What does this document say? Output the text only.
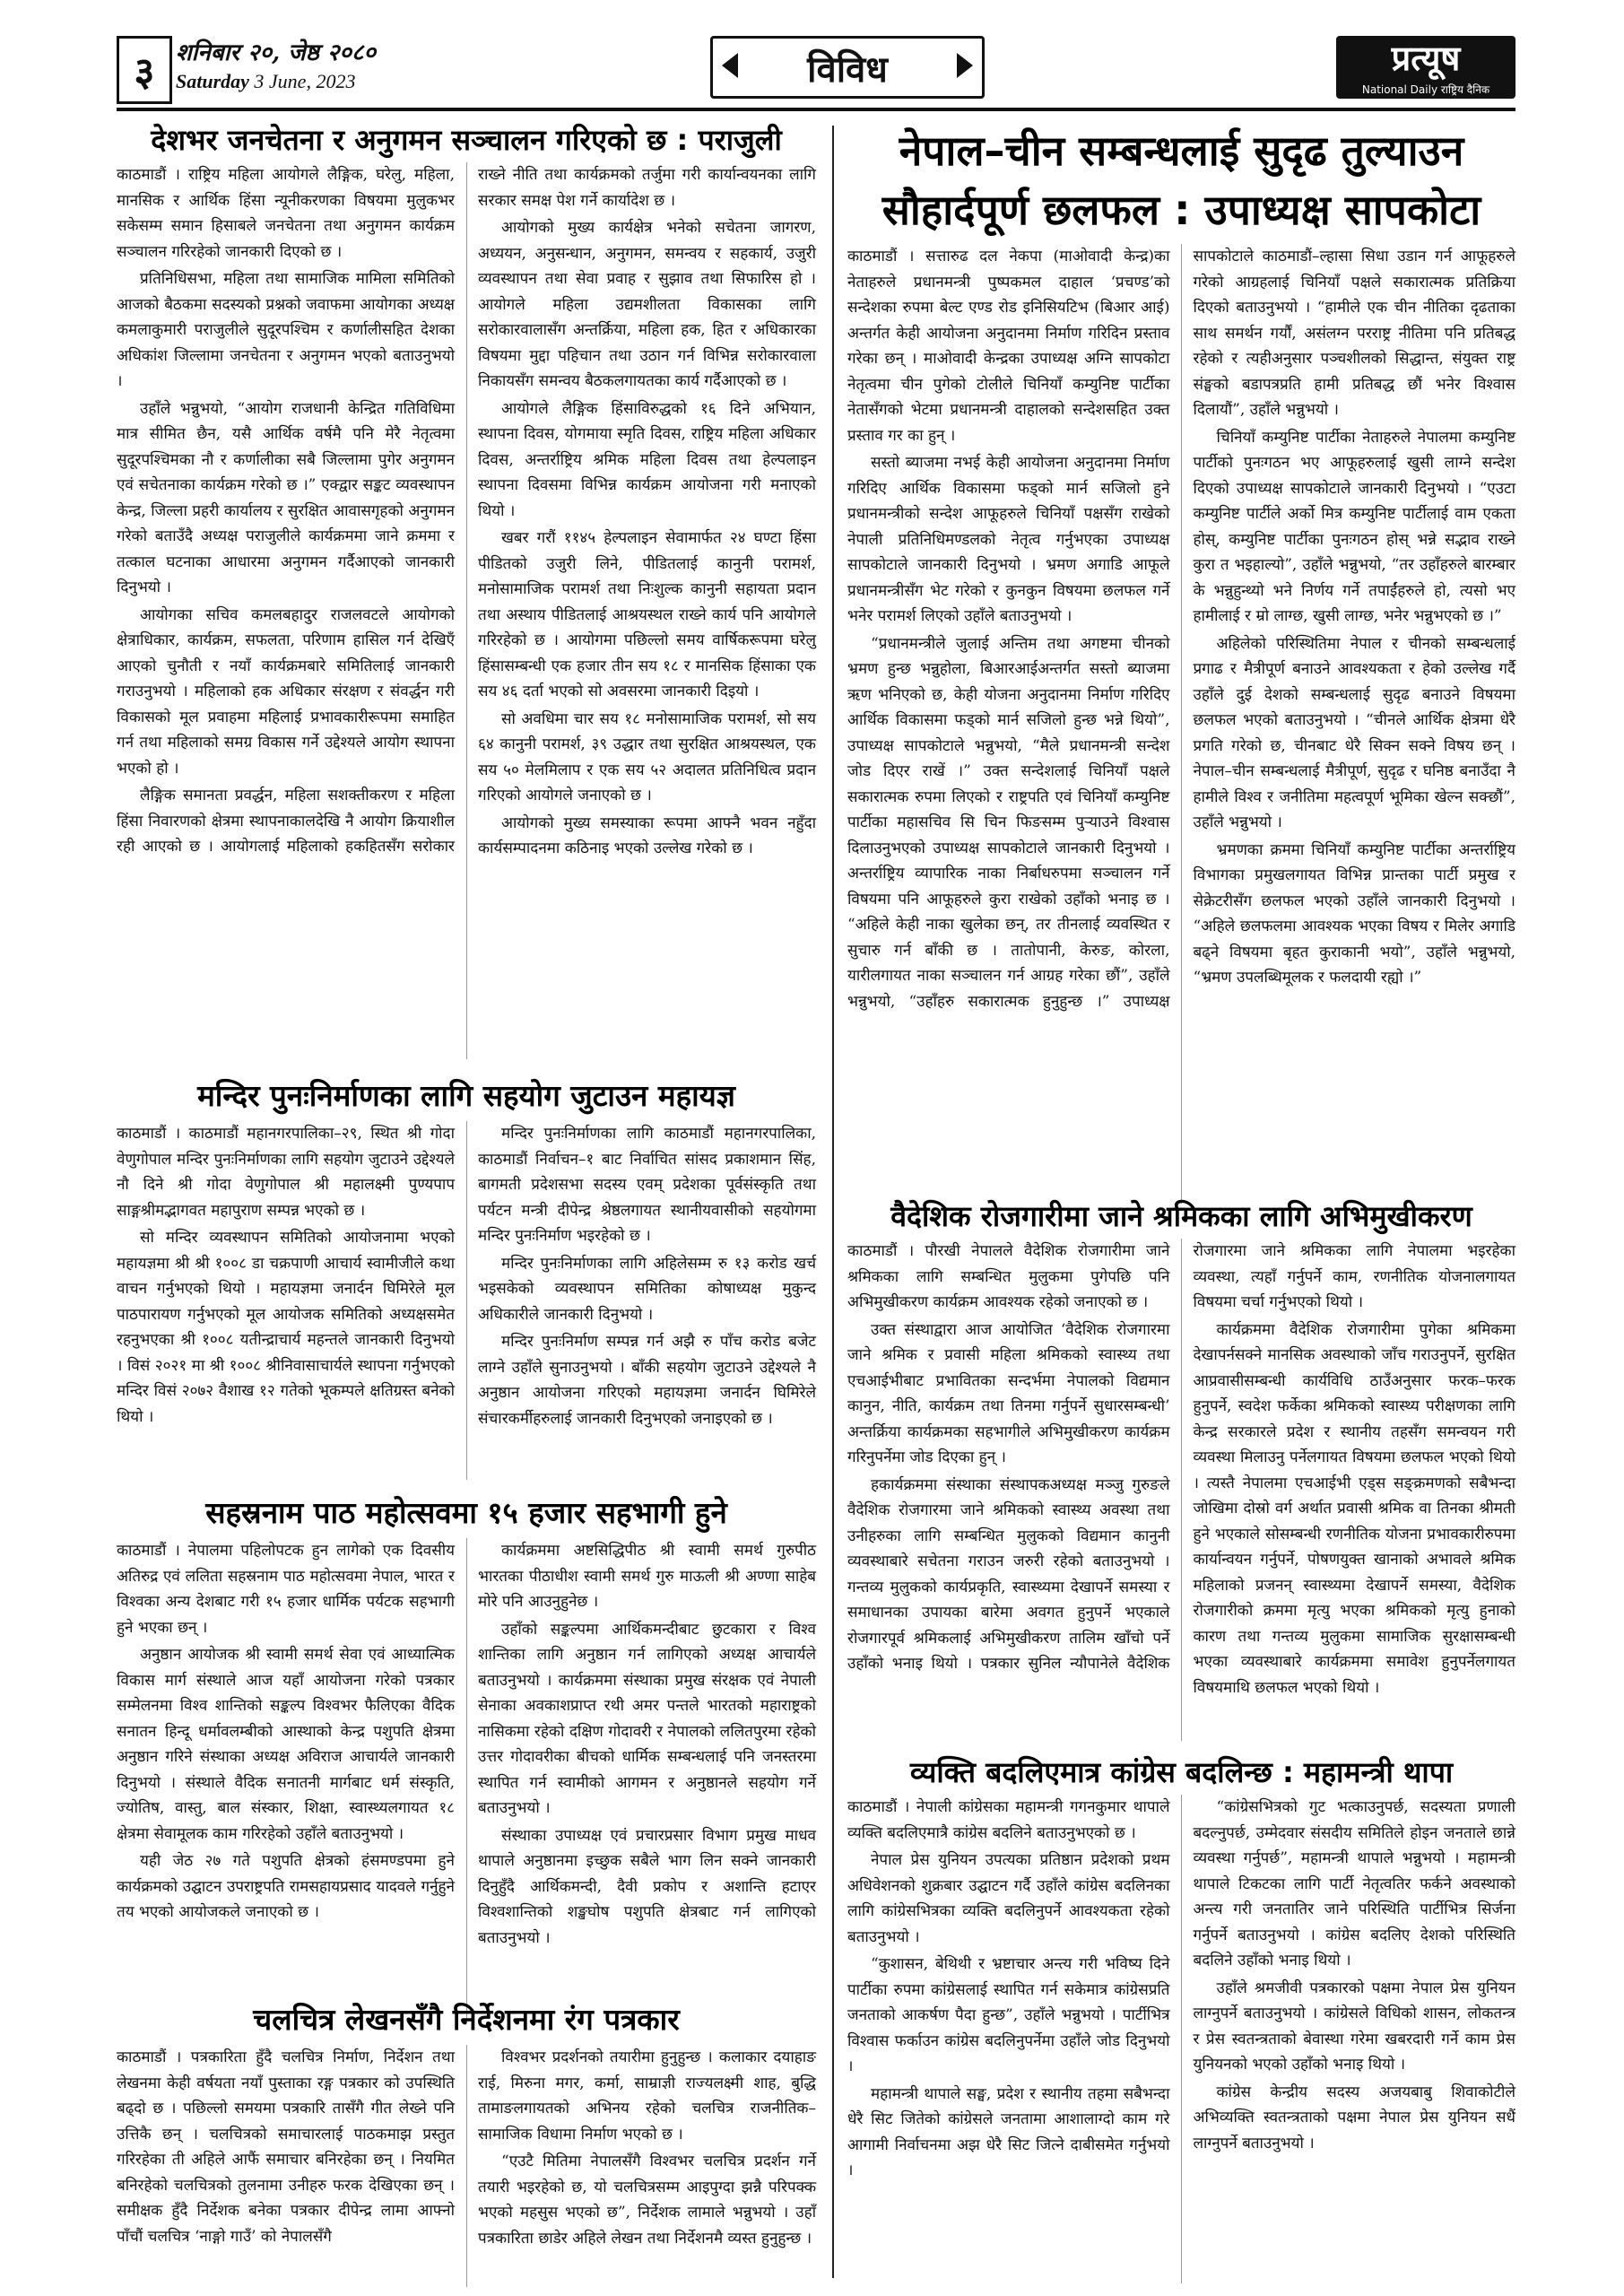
३ शनिबार २०, जेष्ठ २०८०
Saturday 3 June, 2023	विविध	प्रत्यूष
National Daily राष्ट्रिय दैनिक
देशभर जनचेतना र अनुगमन सञ्चालन गरिएको छ : पराजुली

काठमाडौं । राष्ट्रिय महिला आयोगले लैङ्गिक, घरेलु, महिला, मानसिक र आर्थिक हिंसा न्यूनीकरणका विषयमा मुलुकभर सकेसम्म समान हिसाबले जनचेतना तथा अनुगमन कार्यक्रम सञ्चालन गरिरहेको जानकारी दिएको छ ।

प्रतिनिधिसभा, महिला तथा सामाजिक मामिला समितिको आजको बैठकमा सदस्यको प्रश्नको जवाफमा आयोगका अध्यक्ष कमलाकुमारी पराजुलीले सुदूरपश्चिम र कर्णालीसहित देशका अधिकांश जिल्लामा जनचेतना र अनुगमन भएको बताउनुभयो ।

उहाँले भन्नुभयो, “आयोग राजधानी केन्द्रित गतिविधिमा मात्र सीमित छैन, यसै आर्थिक वर्षमै पनि मेरै नेतृत्वमा सुदूरपश्चिमका नौ र कर्णालीका सबै जिल्लामा पुगेर अनुगमन एवं सचेतनाका कार्यक्रम गरेको छ ।” एक्द्वार सङ्कट व्यवस्थापन केन्द्र, जिल्ला प्रहरी कार्यालय र सुरक्षित आवासगृहको अनुगमन गरेको बताउँदै अध्यक्ष पराजुलीले कार्यक्रममा जाने क्रममा र तत्काल घटनाका आधारमा अनुगमन गर्दैआएको जानकारी दिनुभयो ।

आयोगका सचिव कमलबहादुर राजलवटले आयोगको क्षेत्राधिकार, कार्यक्रम, सफलता, परिणाम हासिल गर्न देखिएँ आएको चुनौती र नयाँ कार्यक्रमबारे समितिलाई जानकारी गराउनुभयो । महिलाको हक अधिकार संरक्षण र संवर्द्धन गरी विकासको मूल प्रवाहमा महिलाई प्रभावकारीरूपमा समाहित गर्न तथा महिलाको समग्र विकास गर्ने उद्देश्यले आयोग स्थापना भएको हो ।

लैङ्गिक समानता प्रवर्द्धन, महिला सशक्तीकरण र महिला हिंसा निवारणको क्षेत्रमा स्थापनाकालदेखि नै आयोग क्रियाशील रही आएको छ । आयोगलाई महिलाको हकहितसँग सरोकार राख्ने नीति तथा कार्यक्रमको तर्जुमा गरी कार्यान्वयनका लागि सरकार समक्ष पेश गर्ने कार्यादेश छ ।

आयोगको मुख्य कार्यक्षेत्र भनेको सचेतना जागरण, अध्ययन, अनुसन्धान, अनुगमन, समन्वय र सहकार्य, उजुरी व्यवस्थापन तथा सेवा प्रवाह र सुझाव तथा सिफारिस हो । आयोगले महिला उद्यमशीलता विकासका लागि सरोकारवालासँग अन्तर्क्रिया, महिला हक, हित र अधिकारका विषयमा मुद्दा पहिचान तथा उठान गर्न विभिन्न सरोकारवाला निकायसँग समन्वय बैठकलगायतका कार्य गर्दैआएको छ ।

आयोगले लैङ्गिक हिंसाविरुद्धको १६ दिने अभियान, स्थापना दिवस, योगमाया स्मृति दिवस, राष्ट्रिय महिला अधिकार दिवस, अन्तर्राष्ट्रिय श्रमिक महिला दिवस तथा हेल्पलाइन स्थापना दिवसमा विभिन्न कार्यक्रम आयोजना गरी मनाएको थियो ।

खबर गरौं ११४५ हेल्पलाइन सेवामार्फत २४ घण्टा हिंसा पीडितको उजुरी लिने, पीडितलाई कानुनी परामर्श, मनोसामाजिक परामर्श तथा निःशुल्क कानुनी सहायता प्रदान तथा अस्थाय पीडितलाई आश्रयस्थल राख्ने कार्य पनि आयोगले गरिरहेको छ । आयोगमा पछिल्लो समय वार्षिकरूपमा घरेलु हिंसासम्बन्धी एक हजार तीन सय १८ र मानसिक हिंसाका एक सय ४६ दर्ता भएको सो अवसरमा जानकारी दिइयो ।

सो अवधिमा चार सय १८ मनोसामाजिक परामर्श, सो सय ६४ कानुनी परामर्श, ३९ उद्धार तथा सुरक्षित आश्रयस्थल, एक सय ५० मेलमिलाप र एक सय ५२ अदालत प्रतिनिधित्व प्रदान गरिएको आयोगले जनाएको छ ।

आयोगको मुख्य समस्याका रूपमा आफ्नै भवन नहुँदा कार्यसम्पादनमा कठिनाइ भएको उल्लेख गरेको छ ।

मन्दिर पुनःनिर्माणका लागि सहयोग जुटाउन महायज्ञ

काठमाडौं । काठमाडौं महानगरपालिका–२९, स्थित श्री गोदा वेणुगोपाल मन्दिर पुनःनिर्माणका लागि सहयोग जुटाउने उद्देश्यले नौ दिने श्री गोदा वेणुगोपाल श्री महालक्ष्मी पुण्यपाप साङ्गश्रीमद्भागवत महापुराण सम्पन्न भएको छ ।

सो मन्दिर व्यवस्थापन समितिको आयोजनामा भएको महायज्ञमा श्री श्री १००८ डा चक्रपाणी आचार्य स्वामीजीले कथा वाचन गर्नुभएको थियो । महायज्ञमा जनार्दन घिमिरेले मूल पाठपारायण गर्नुभएको मूल आयोजक समितिको अध्यक्षसमेत रहनुभएका श्री १००८ यतीन्द्राचार्य महन्तले जानकारी दिनुभयो । विसं २०२१ मा श्री १००८ श्रीनिवासाचार्यले स्थापना गर्नुभएको मन्दिर विसं २०७२ वैशाख १२ गतेको भूकम्पले क्षतिग्रस्त बनेको थियो ।

मन्दिर पुनःनिर्माणका लागि काठमाडौं महानगरपालिका, काठमाडौं निर्वाचन–१ बाट निर्वाचित सांसद प्रकाशमान सिंह, बागमती प्रदेशसभा सदस्य एवम् प्रदेशका पूर्वसंस्कृति तथा पर्यटन मन्त्री दीपेन्द्र श्रेष्ठलगायत स्थानीयवासीको सहयोगमा मन्दिर पुनःनिर्माण भइरहेको छ ।

मन्दिर पुनःनिर्माणका लागि अहिलेसम्म रु १३ करोड खर्च भइसकेको व्यवस्थापन समितिका कोषाध्यक्ष मुकुन्द अधिकारीले जानकारी दिनुभयो ।

मन्दिर पुनःनिर्माण सम्पन्न गर्न अझै रु पाँच करोड बजेट लाग्ने उहाँले सुनाउनुभयो । बाँकी सहयोग जुटाउने उद्देश्यले नै अनुष्ठान आयोजना गरिएको महायज्ञमा जनार्दन घिमिरेले संचारकर्मीहरुलाई जानकारी दिनुभएको जनाइएको छ ।

सहस्रनाम पाठ महोत्सवमा १५ हजार सहभागी हुने

काठमाडौं । नेपालमा पहिलोपटक हुन लागेको एक दिवसीय अतिरुद्र एवं ललिता सहस्रनाम पाठ महोत्सवमा नेपाल, भारत र विश्वका अन्य देशबाट गरी १५ हजार धार्मिक पर्यटक सहभागी हुने भएका छन् ।

अनुष्ठान आयोजक श्री स्वामी समर्थ सेवा एवं आध्यात्मिक विकास मार्ग संस्थाले आज यहाँ आयोजना गरेको पत्रकार सम्मेलनमा विश्व शान्तिको सङ्कल्प विश्वभर फैलिएका वैदिक सनातन हिन्दू धर्मावलम्बीको आस्थाको केन्द्र पशुपति क्षेत्रमा अनुष्ठान गरिने संस्थाका अध्यक्ष अविराज आचार्यले जानकारी दिनुभयो । संस्थाले वैदिक सनातनी मार्गबाट धर्म संस्कृति, ज्योतिष, वास्तु, बाल संस्कार, शिक्षा, स्वास्थ्यलगायत १८ क्षेत्रमा सेवामूलक काम गरिरहेको उहाँले बताउनुभयो ।

यही जेठ २७ गते पशुपति क्षेत्रको हंसमण्डपमा हुने कार्यक्रमको उद्घाटन उपराष्ट्रपति रामसहायप्रसाद यादवले गर्नुहुने तय भएको आयोजकले जनाएको छ ।

कार्यक्रममा अष्टसिद्धिपीठ श्री स्वामी समर्थ गुरुपीठ भारतका पीठाधीश स्वामी समर्थ गुरु माऊली श्री अण्णा साहेब मोरे पनि आउनुहुनेछ ।

उहाँको सङ्कल्पमा आर्थिकमन्दीबाट छुटकारा र विश्व शान्तिका लागि अनुष्ठान गर्न लागिएको अध्यक्ष आचार्यले बताउनुभयो । कार्यक्रममा संस्थाका प्रमुख संरक्षक एवं नेपाली सेनाका अवकाशप्राप्त रथी अमर पन्तले भारतको महाराष्ट्रको नासिकमा रहेको दक्षिण गोदावरी र नेपालको ललितपुरमा रहेको उत्तर गोदावरीका बीचको धार्मिक सम्बन्धलाई पनि जनस्तरमा स्थापित गर्न स्वामीको आगमन र अनुष्ठानले सहयोग गर्ने बताउनुभयो ।

संस्थाका उपाध्यक्ष एवं प्रचारप्रसार विभाग प्रमुख माधव थापाले अनुष्ठानमा इच्छुक सबैले भाग लिन सक्ने जानकारी दिनुहुँदै आर्थिकमन्दी, दैवी प्रकोप र अशान्ति हटाएर विश्वशान्तिको शङ्खघोष पशुपति क्षेत्रबाट गर्न लागिएको बताउनुभयो ।

चलचित्र लेखनसँगै निर्देशनमा रंग पत्रकार

काठमाडौं । पत्रकारिता हुँदै चलचित्र निर्माण, निर्देशन तथा लेखनमा केही वर्षयता नयाँ पुस्ताका रङ्ग पत्रकार को उपस्थिति बढ्दो छ । पछिल्लो समयमा पत्रकारि तासँगै गीत लेख्ने पनि उत्तिकै छन् । चलचित्रको समाचारलाई पाठकमाझ प्रस्तुत गरिरहेका ती अहिले आफैं समाचार बनिरहेका छन् । नियमित बनिरहेको चलचित्रको तुलनामा उनीहरु फरक देखिएका छन् । समीक्षक हुँदै निर्देशक बनेका पत्रकार दीपेन्द्र लामा आफ्नो पाँचौं चलचित्र ‘नाङ्गो गाउँ’ को नेपालसँगै

विश्वभर प्रदर्शनको तयारीमा हुनुहुन्छ । कलाकार दयाहाङ राई, मिरुना मगर, कर्मा, साम्राज्ञी राज्यलक्ष्मी शाह, बुद्धि तामाङलगायतको अभिनय रहेको चलचित्र राजनीतिक–सामाजिक विधामा निर्माण भएको छ ।

“एउटै मितिमा नेपालसँगै विश्वभर चलचित्र प्रदर्शन गर्ने तयारी भइरहेको छ, यो चलचित्रसम्म आइपुग्दा झन्नै परिपक्क भएको महसुस भएको छ”, निर्देशक लामाले भन्नुभयो । उहाँ पत्रकारिता छाडेर अहिले लेखन तथा निर्देशनमै व्यस्त हुनुहुन्छ ।

नेपाल–चीन सम्बन्धलाई सुदृढ तुल्याउन
सौहार्दपूर्ण छलफल : उपाध्यक्ष सापकोटा

काठमाडौं । सत्तारुढ दल नेकपा (माओवादी केन्द्र)का नेताहरुले प्रधानमन्त्री पुष्पकमल दाहाल ‘प्रचण्ड’को सन्देशका रुपमा बेल्ट एण्ड रोड इनिसियटिभ (बिआर आई) अन्तर्गत केही आयोजना अनुदानमा निर्माण गरिदिन प्रस्ताव गरेका छन् । माओवादी केन्द्रका उपाध्यक्ष अग्नि सापकोटा नेतृत्वमा चीन पुगेको टोलीले चिनियाँ कम्युनिष्ट पार्टीका नेतासँगको भेटमा प्रधानमन्त्री दाहालको सन्देशसहित उक्त प्रस्ताव गर का हुन् ।

सस्तो ब्याजमा नभई केही आयोजना अनुदानमा निर्माण गरिदिए आर्थिक विकासमा फड्को मार्न सजिलो हुने प्रधानमन्त्रीको सन्देश आफूहरुले चिनियाँ पक्षसँग राखेको नेपाली प्रतिनिधिमण्डलको नेतृत्व गर्नुभएका उपाध्यक्ष सापकोटाले जानकारी दिनुभयो । भ्रमण अगाडि आफूले प्रधानमन्त्रीसँग भेट गरेको र कुनकुन विषयमा छलफल गर्ने भनेर परामर्श लिएको उहाँले बताउनुभयो ।

“प्रधानमन्त्रीले जुलाई अन्तिम तथा अगष्टमा चीनको भ्रमण हुन्छ भन्नुहोला, बिआरआईअन्तर्गत सस्तो ब्याजमा ऋण भनिएको छ, केही योजना अनुदानमा निर्माण गरिदिए आर्थिक विकासमा फड्को मार्न सजिलो हुन्छ भन्ने थियो”, उपाध्यक्ष सापकोटाले भन्नुभयो, “मैले प्रधानमन्त्री सन्देश जोड दिएर राखें ।” उक्त सन्देशलाई चिनियाँ पक्षले सकारात्मक रुपमा लिएको र राष्ट्रपति एवं चिनियाँ कम्युनिष्ट पार्टीका महासचिव सि चिन फिङसम्म पुर्‍याउने विश्वास दिलाउनुभएको उपाध्यक्ष सापकोटाले जानकारी दिनुभयो । अन्तर्राष्ट्रिय व्यापारिक नाका निर्बाधरुपमा सञ्चालन गर्ने विषयमा पनि आफूहरुले कुरा राखेको उहाँको भनाइ छ । “अहिले केही नाका खुलेका छन्, तर तीनलाई व्यवस्थित र सुचारु गर्न बाँकी छ । तातोपानी, केरुङ, कोरला, यारीलगायत नाका सञ्चालन गर्न आग्रह गरेका छौं”, उहाँले भन्नुभयो, “उहाँहरु सकारात्मक हुनुहुन्छ ।” उपाध्यक्ष सापकोटाले काठमाडौं–ल्हासा सिधा उडान गर्न आफूहरुले गरेको आग्रहलाई चिनियाँ पक्षले सकारात्मक प्रतिक्रिया दिएको बताउनुभयो । “हामीले एक चीन नीतिका दृढताका साथ समर्थन गर्यौं, असंलग्न परराष्ट्र नीतिमा पनि प्रतिबद्ध रहेको र त्यहीअनुसार पञ्चशीलको सिद्धान्त, संयुक्त राष्ट्र संङ्घको बडापत्रप्रति हामी प्रतिबद्ध छौं भनेर विश्वास दिलायौं”, उहाँले भन्नुभयो ।

चिनियाँ कम्युनिष्ट पार्टीका नेताहरुले नेपालमा कम्युनिष्ट पार्टीको पुनःगठन भए आफूहरुलाई खुसी लाग्ने सन्देश दिएको उपाध्यक्ष सापकोटाले जानकारी दिनुभयो । “एउटा कम्युनिष्ट पार्टीले अर्को मित्र कम्युनिष्ट पार्टीलाई वाम एकता होस्, कम्युनिष्ट पार्टीका पुनःगठन होस् भन्ने सद्भाव राख्ने कुरा त भइहाल्यो”, उहाँले भन्नुभयो, “तर उहाँहरुले बारम्बार के भन्नुहुन्थ्यो भने निर्णय गर्ने तपाईंहरुले हो, त्यसो भए हामीलाई र म्रो लाग्छ, खुसी लाग्छ, भनेर भन्नुभएको छ ।”

अहिलेको परिस्थितिमा नेपाल र चीनको सम्बन्धलाई प्रगाढ र मैत्रीपूर्ण बनाउने आवश्यकता र हेको उल्लेख गर्दै उहाँले दुई देशको सम्बन्धलाई सुदृढ बनाउने विषयमा छलफल भएको बताउनुभयो । “चीनले आर्थिक क्षेत्रमा धेरै प्रगति गरेको छ, चीनबाट धेरै सिक्न सक्ने विषय छन् । नेपाल–चीन सम्बन्धलाई मैत्रीपूर्ण, सुदृढ र घनिष्ठ बनाउँदा नै हामीले विश्व र जनीतिमा महत्वपूर्ण भूमिका खेल्न सक्छौं”, उहाँले भन्नुभयो ।

भ्रमणका क्रममा चिनियाँ कम्युनिष्ट पार्टीका अन्तर्राष्ट्रिय विभागका प्रमुखलगायत विभिन्न प्रान्तका पार्टी प्रमुख र सेक्रेटरीसँग छलफल भएको उहाँले जानकारी दिनुभयो । “अहिले छलफलमा आवश्यक भएका विषय र मिलेर अगाडि बढ्ने विषयमा बृहत कुराकानी भयो”, उहाँले भन्नुभयो, “भ्रमण उपलब्धिमूलक र फलदायी रह्यो ।”

वैदेशिक रोजगारीमा जाने श्रमिकका लागि अभिमुखीकरण

काठमाडौं । पौरखी नेपालले वैदेशिक रोजगारीमा जाने श्रमिकका लागि सम्बन्धित मुलुकमा पुगेपछि पनि अभिमुखीकरण कार्यक्रम आवश्यक रहेको जनाएको छ ।

उक्त संस्थाद्वारा आज आयोजित ‘वैदेशिक रोजगारमा जाने श्रमिक र प्रवासी महिला श्रमिकको स्वास्थ्य तथा एचआईभीबाट प्रभावितका सन्दर्भमा नेपालको विद्यमान कानुन, नीति, कार्यक्रम तथा तिनमा गर्नुपर्ने सुधारसम्बन्धी’ अन्तर्क्रिया कार्यक्रमका सहभागीले अभिमुखीकरण कार्यक्रम गरिनुपर्नेमा जोड दिएका हुन् ।

हकार्यक्रममा संस्थाका संस्थापकअध्यक्ष मञ्जु गुरुङले वैदेशिक रोजगारमा जाने श्रमिकको स्वास्थ्य अवस्था तथा उनीहरुका लागि सम्बन्धित मुलुकको विद्यमान कानुनी व्यवस्थाबारे सचेतना गराउन जरुरी रहेको बताउनुभयो । गन्तव्य मुलुकको कार्यप्रकृति, स्वास्थ्यमा देखापर्ने समस्या र समाधानका उपायका बारेमा अवगत हुनुपर्ने भएकाले रोजगारपूर्व श्रमिकलाई अभिमुखीकरण तालिम खाँचो पर्ने उहाँको भनाइ थियो । पत्रकार सुनिल न्यौपानेले वैदेशिक रोजगारमा जाने श्रमिकका लागि नेपालमा भइरहेका व्यवस्था, त्यहाँ गर्नुपर्ने काम, रणनीतिक योजनालगायत विषयमा चर्चा गर्नुभएको थियो ।

कार्यक्रममा वैदेशिक रोजगारीमा पुगेका श्रमिकमा देखापर्नसक्ने मानसिक अवस्थाको जाँच गराउनुपर्ने, सुरक्षित आप्रवासीसम्बन्धी कार्यविधि ठाउँअनुसार फरक–फरक हुनुपर्ने, स्वदेश फर्केका श्रमिकको स्वास्थ्य परीक्षणका लागि केन्द्र सरकारले प्रदेश र स्थानीय तहसँग समन्वयन गरी व्यवस्था मिलाउनु पर्नेलगायत विषयमा छलफल भएको थियो । त्यस्तै नेपालमा एचआईभी एड्स सङ्क्रमणको सबैभन्दा जोखिमा दोस्रो वर्ग अर्थात प्रवासी श्रमिक वा तिनका श्रीमती हुने भएकाले सोसम्बन्धी रणनीतिक योजना प्रभावकारीरुपमा कार्यान्वयन गर्नुपर्ने, पोषणयुक्त खानाको अभावले श्रमिक महिलाको प्रजनन् स्वास्थ्यमा देखापर्ने समस्या, वैदेशिक रोजगारीको क्रममा मृत्यु भएका श्रमिकको मृत्यु हुनाको कारण तथा गन्तव्य मुलुकमा सामाजिक सुरक्षासम्बन्धी भएका व्यवस्थाबारे कार्यक्रममा समावेश हुनुपर्नेलगायत विषयमाथि छलफल भएको थियो ।

व्यक्ति बदलिएमात्र कांग्रेस बदलिन्छ : महामन्त्री थापा

काठमाडौं । नेपाली कांग्रेसका महामन्त्री गगनकुमार थापाले व्यक्ति बदलिएमात्रै कांग्रेस बदलिने बताउनुभएको छ ।

नेपाल प्रेस युनियन उपत्यका प्रतिष्ठान प्रदेशको प्रथम अधिवेशनको शुक्रबार उद्घाटन गर्दै उहाँले कांग्रेस बदलिनका लागि कांग्रेसभित्रका व्यक्ति बदलिनुपर्ने आवश्यकता रहेको बताउनुभयो ।

“कुशासन, बेथिथी र भ्रष्टाचार अन्त्य गरी भविष्य दिने पार्टीका रुपमा कांग्रेसलाई स्थापित गर्न सकेमात्र कांग्रेसप्रति जनताको आकर्षण पैदा हुन्छ”, उहाँले भन्नुभयो । पार्टीभित्र विश्वास फर्काउन कांग्रेस बदलिनुपर्नेमा उहाँले जोड दिनुभयो ।

महामन्त्री थापाले सङ्घ, प्रदेश र स्थानीय तहमा सबैभन्दा धेरै सिट जितेको कांग्रेसले जनतामा आशालाग्दो काम गरे आगामी निर्वाचनमा अझ धेरै सिट जित्ने दाबीसमेत गर्नुभयो ।

“कांग्रेसभित्रको गुट भत्काउनुपर्छ, सदस्यता प्रणाली बदल्नुपर्छ, उम्मेदवार संसदीय समितिले होइन जनताले छान्ने व्यवस्था गर्नुपर्छ”, महामन्त्री थापाले भन्नुभयो । महामन्त्री थापाले टिकटका लागि पार्टी नेतृत्वतिर फर्कने अवस्थाको अन्त्य गरी जनतातिर जाने परिस्थिति पार्टीभित्र सिर्जना गर्नुपर्ने बताउनुभयो । कांग्रेस बदलिए देशको परिस्थिति बदलिने उहाँको भनाइ थियो ।

उहाँले श्रमजीवी पत्रकारको पक्षमा नेपाल प्रेस युनियन लाग्नुपर्ने बताउनुभयो । कांग्रेसले विधिको शासन, लोकतन्त्र र प्रेस स्वतन्त्रताको बेवास्था गरेमा खबरदारी गर्ने काम प्रेस युनियनको भएको उहाँको भनाइ थियो ।

कांग्रेस केन्द्रीय सदस्य अजयबाबु शिवाकोटीले अभिव्यक्ति स्वतन्त्रताको पक्षमा नेपाल प्रेस युनियन सधैं लाग्नुपर्ने बताउनुभयो ।
